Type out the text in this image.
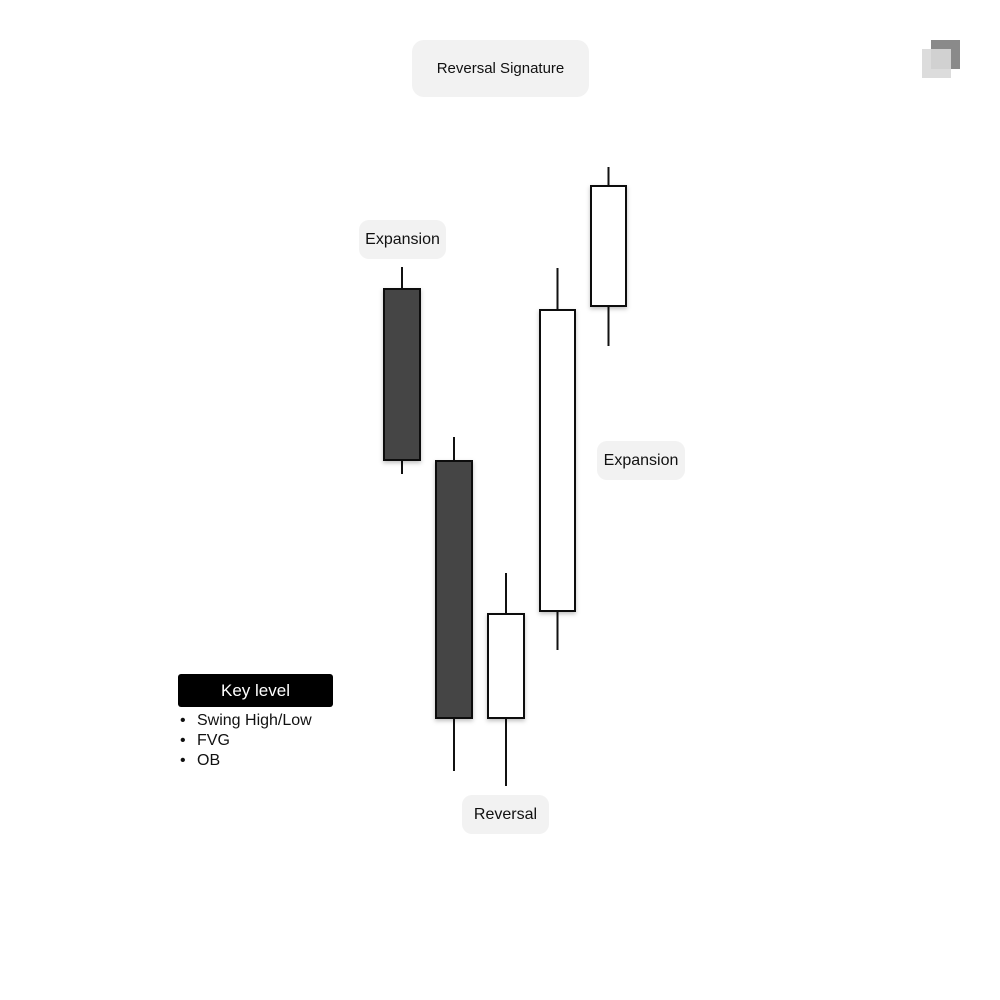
Reversal Signature
Expansion
Expansion
Reversal
Key level
• Swing High/Low
• FVG
• OB
